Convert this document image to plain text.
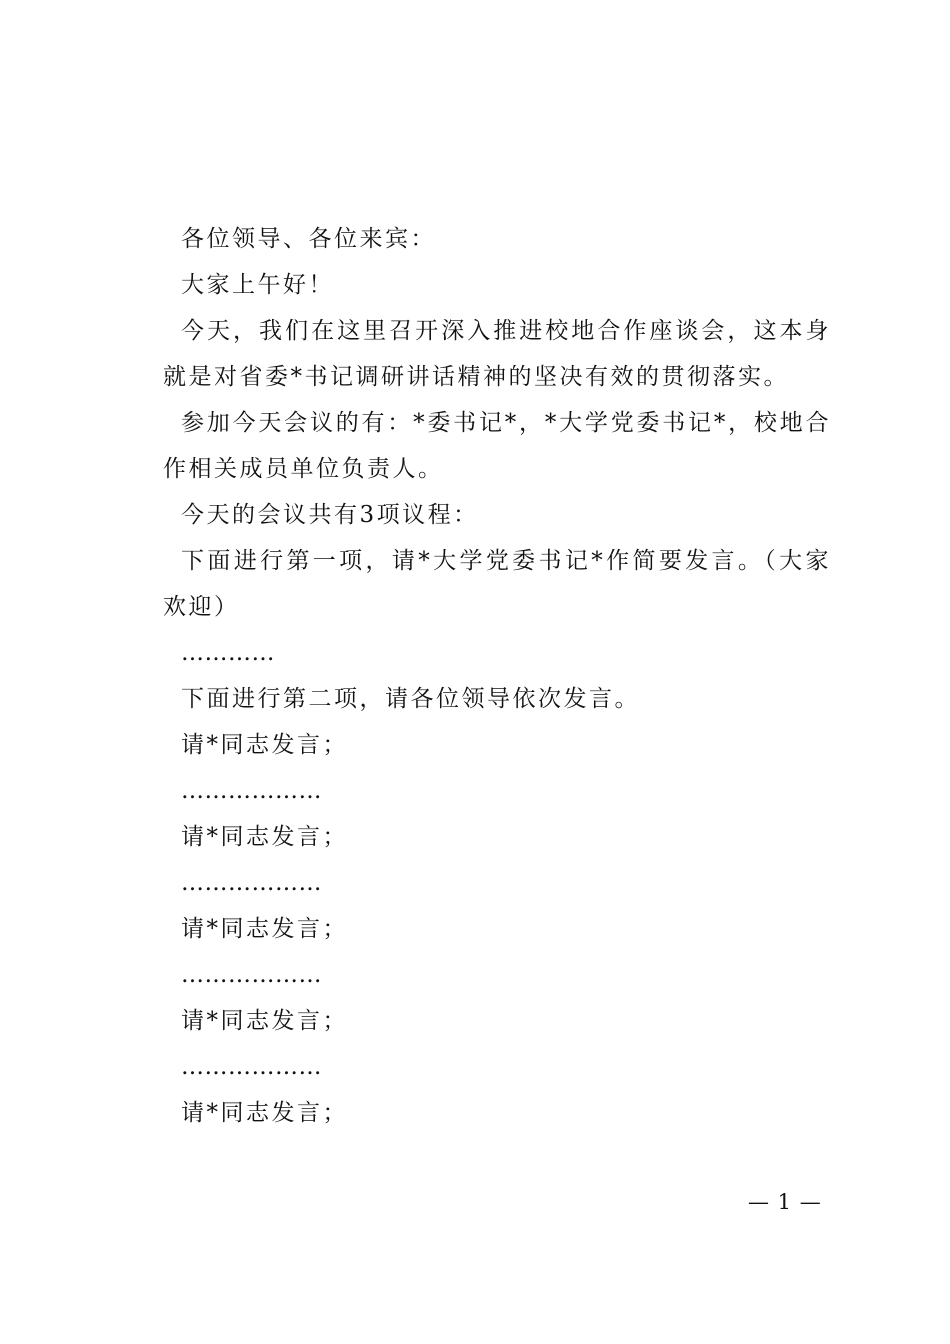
各位领导、各位来宾：

大家上午好！

今天，我们在这里召开深入推进校地合作座谈会，这本身就是对省委*书记调研讲话精神的坚决有效的贯彻落实。

参加今天会议的有：*委书记*，*大学党委书记*，校地合作相关成员单位负责人。

今天的会议共有3项议程：

下面进行第一项，请*大学党委书记*作简要发言。（大家欢迎）

…………

下面进行第二项，请各位领导依次发言。

请*同志发言；

………………

请*同志发言；

………………

请*同志发言；

………………

请*同志发言；

………………

请*同志发言；

— 1 —
